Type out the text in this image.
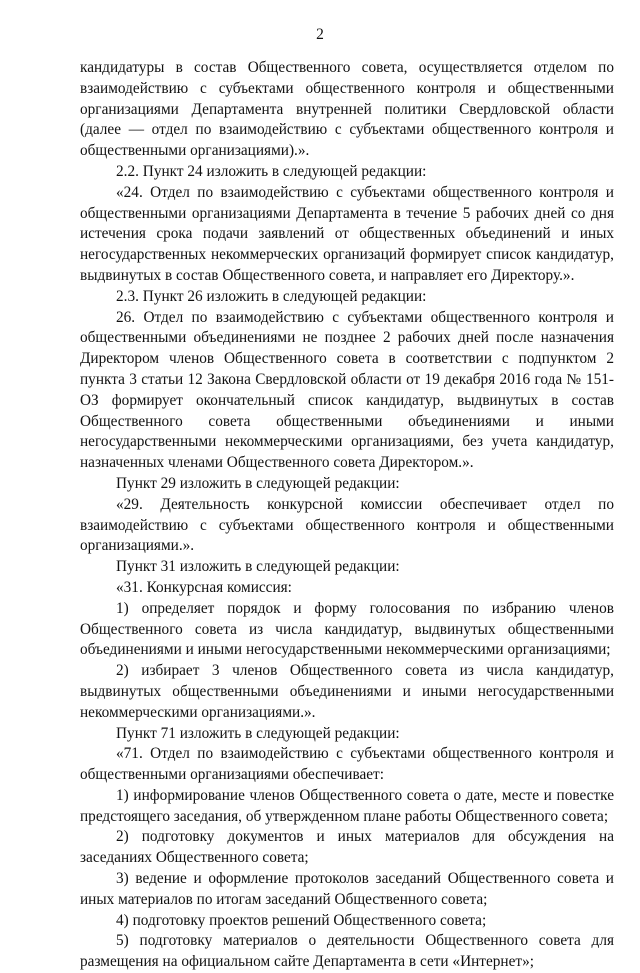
2

кандидатуры в состав Общественного совета, осуществляется отделом по взаимодействию с субъектами общественного контроля и общественными организациями Департамента внутренней политики Свердловской области (далее — отдел по взаимодействию с субъектами общественного контроля и общественными организациями).».

2.2. Пункт 24 изложить в следующей редакции:

«24. Отдел по взаимодействию с субъектами общественного контроля и общественными организациями Департамента в течение 5 рабочих дней со дня истечения срока подачи заявлений от общественных объединений и иных негосударственных некоммерческих организаций формирует список кандидатур, выдвинутых в состав Общественного совета, и направляет его Директору.».

2.3. Пункт 26 изложить в следующей редакции:

26. Отдел по взаимодействию с субъектами общественного контроля и общественными объединениями не позднее 2 рабочих дней после назначения Директором членов Общественного совета в соответствии с подпунктом 2 пункта 3 статьи 12 Закона Свердловской области от 19 декабря 2016 года № 151-ОЗ формирует окончательный список кандидатур, выдвинутых в состав Общественного совета общественными объединениями и иными негосударственными некоммерческими организациями, без учета кандидатур, назначенных членами Общественного совета Директором.».

Пункт 29 изложить в следующей редакции:

«29. Деятельность конкурсной комиссии обеспечивает отдел по взаимодействию с субъектами общественного контроля и общественными организациями.».

Пункт 31 изложить в следующей редакции:

«31. Конкурсная комиссия:

1) определяет порядок и форму голосования по избранию членов Общественного совета из числа кандидатур, выдвинутых общественными объединениями и иными негосударственными некоммерческими организациями;

2) избирает 3 членов Общественного совета из числа кандидатур, выдвинутых общественными объединениями и иными негосударственными некоммерческими организациями.».

Пункт 71 изложить в следующей редакции:

«71. Отдел по взаимодействию с субъектами общественного контроля и общественными организациями обеспечивает:

1) информирование членов Общественного совета о дате, месте и повестке предстоящего заседания, об утвержденном плане работы Общественного совета;

2) подготовку документов и иных материалов для обсуждения на заседаниях Общественного совета;

3) ведение и оформление протоколов заседаний Общественного совета и иных материалов по итогам заседаний Общественного совета;

4) подготовку проектов решений Общественного совета;

5) подготовку материалов о деятельности Общественного совета для размещения на официальном сайте Департамента в сети «Интернет»;
